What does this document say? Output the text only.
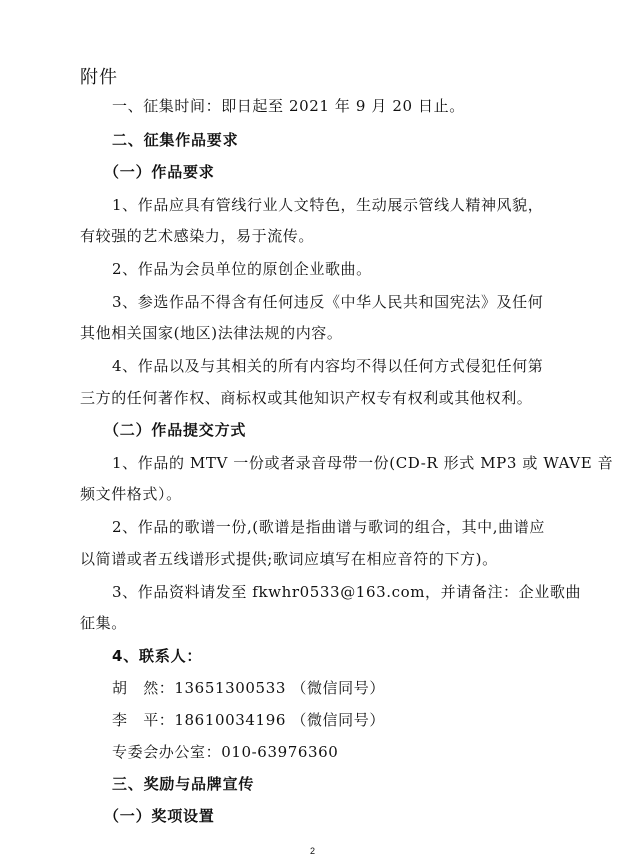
附件
一、征集时间：即日起至 2021 年 9 月 20 日止。
二、征集作品要求
（一）作品要求
1、作品应具有管线行业人文特色，生动展示管线人精神风貌，
有较强的艺术感染力，易于流传。
2、作品为会员单位的原创企业歌曲。
3、参选作品不得含有任何违反《中华人民共和国宪法》及任何
其他相关国家(地区)法律法规的内容。
4、作品以及与其相关的所有内容均不得以任何方式侵犯任何第
三方的任何著作权、商标权或其他知识产权专有权利或其他权利。
（二）作品提交方式
1、作品的 MTV 一份或者录音母带一份(CD-R 形式 MP3 或 WAVE 音
频文件格式）。
2、作品的歌谱一份,(歌谱是指曲谱与歌词的组合，其中,曲谱应
以简谱或者五线谱形式提供;歌词应填写在相应音符的下方)。
3、作品资料请发至 fkwhr0533@163.com，并请备注：企业歌曲
征集。
4、联系人：
胡　然：13651300533 （微信同号）
李　平：18610034196 （微信同号）
专委会办公室：010-63976360
三、奖励与品牌宣传
（一）奖项设置
2
